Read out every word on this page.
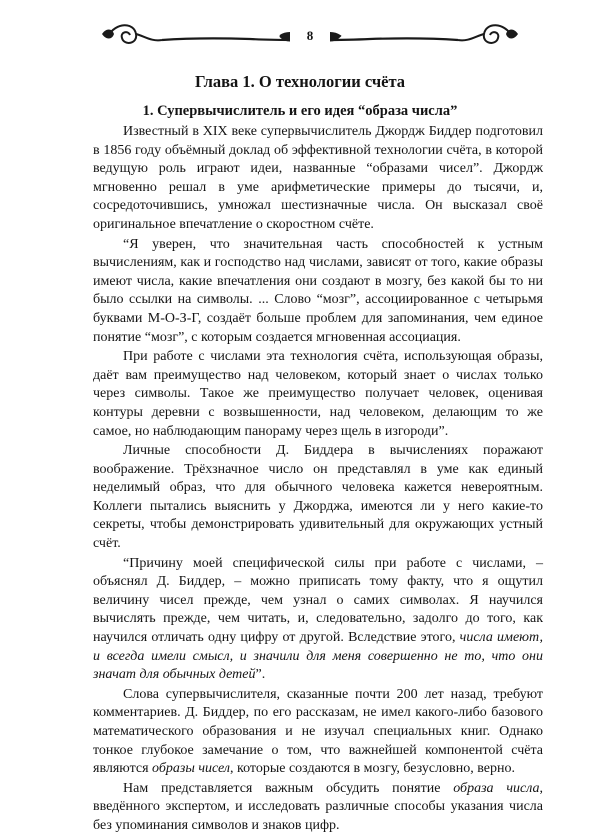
8
Глава 1. О технологии счёта
1. Супервычислитель и его идея “образа числа”

Известный в XIX веке супервычислитель Джордж Биддер подготовил в 1856 году объёмный доклад об эффективной технологии счёта, в которой ведущую роль играют идеи, названные “образами чисел”. Джордж мгновенно решал в уме арифметические примеры до тысячи, и, сосредоточившись, умножал шестизначные числа. Он высказал своё оригинальное впечатление о скоростном счёте.

“Я уверен, что значительная часть способностей к устным вычислениям, как и господство над числами, зависят от того, какие образы имеют числа, какие впечатления они создают в мозгу, без какой бы то ни было ссылки на символы. ... Слово “мозг”, ассоциированное с четырьмя буквами М-О-З-Г, создаёт больше проблем для запоминания, чем единое понятие “мозг”, с которым создается мгновенная ассоциация.

При работе с числами эта технология счёта, использующая образы, даёт вам преимущество над человеком, который знает о числах только через символы. Такое же преимущество получает человек, оценивая контуры деревни с возвышенности, над человеком, делающим то же самое, но наблюдающим панораму через щель в изгороди”.

Личные способности Д. Биддера в вычислениях поражают воображение. Трёхзначное число он представлял в уме как единый неделимый образ, что для обычного человека кажется невероятным. Коллеги пытались выяснить у Джорджа, имеются ли у него какие-то секреты, чтобы демонстрировать удивительный для окружающих устный счёт.

“Причину моей специфической силы при работе с числами, – объяснял Д. Биддер, – можно приписать тому факту, что я ощутил величину чисел прежде, чем узнал о самих символах. Я научился вычислять прежде, чем читать, и, следовательно, задолго до того, как научился отличать одну цифру от другой. Вследствие этого, числа имеют, и всегда имели смысл, и значили для меня совершенно не то, что они значат для обычных детей”.

Слова супервычислителя, сказанные почти 200 лет назад, требуют комментариев. Д. Биддер, по его рассказам, не имел какого-либо базового математического образования и не изучал специальных книг. Однако тонкое глубокое замечание о том, что важнейшей компонентой счёта являются образы чисел, которые создаются в мозгу, безусловно, верно.

Нам представляется важным обсудить понятие образа числа, введённого экспертом, и исследовать различные способы указания числа без упоминания символов и знаков цифр.
